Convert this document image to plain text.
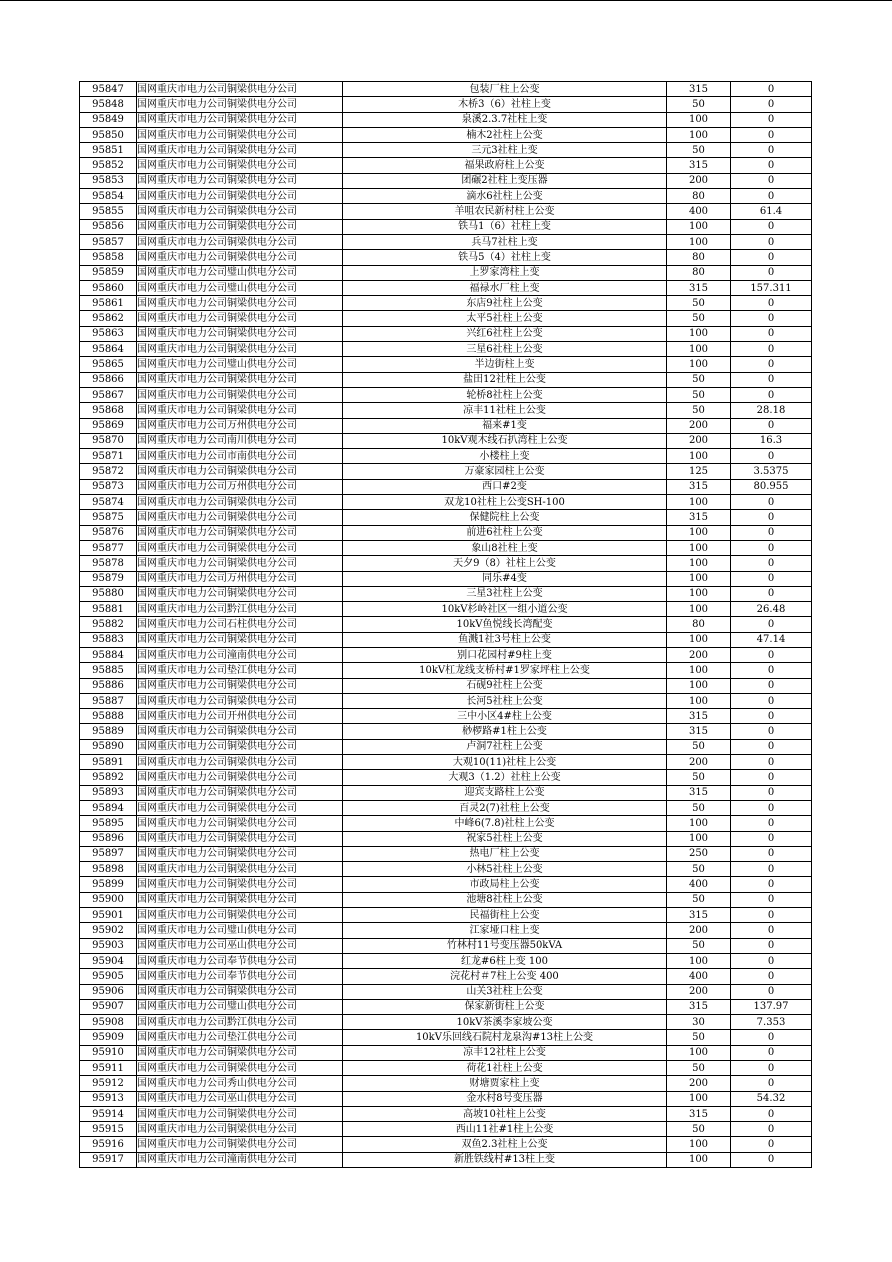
95847	国网重庆市电力公司铜梁供电分公司	包装厂柱上公变	315	0
95848	国网重庆市电力公司铜梁供电分公司	木桥3（6）社柱上变	50	0
95849	国网重庆市电力公司铜梁供电分公司	泉溪2.3.7社柱上变	100	0
95850	国网重庆市电力公司铜梁供电分公司	楠木2社柱上公变	100	0
95851	国网重庆市电力公司铜梁供电分公司	三元3社柱上变	50	0
95852	国网重庆市电力公司铜梁供电分公司	福果政府柱上公变	315	0
95853	国网重庆市电力公司铜梁供电分公司	团碾2社柱上变压器	200	0
95854	国网重庆市电力公司铜梁供电分公司	滴水6社柱上公变	80	0
95855	国网重庆市电力公司铜梁供电分公司	羊咀农民新村柱上公变	400	61.4
95856	国网重庆市电力公司铜梁供电分公司	铁马1（6）社柱上变	100	0
95857	国网重庆市电力公司铜梁供电分公司	兵马7社柱上变	100	0
95858	国网重庆市电力公司铜梁供电分公司	铁马5（4）社柱上变	80	0
95859	国网重庆市电力公司璧山供电分公司	上罗家湾柱上变	80	0
95860	国网重庆市电力公司璧山供电分公司	福禄水厂柱上变	315	157.311
95861	国网重庆市电力公司铜梁供电分公司	东店9社柱上公变	50	0
95862	国网重庆市电力公司铜梁供电分公司	太平5社柱上公变	50	0
95863	国网重庆市电力公司铜梁供电分公司	兴红6社柱上公变	100	0
95864	国网重庆市电力公司铜梁供电分公司	三星6社柱上公变	100	0
95865	国网重庆市电力公司璧山供电分公司	半边街柱上变	100	0
95866	国网重庆市电力公司铜梁供电分公司	盐田12社柱上公变	50	0
95867	国网重庆市电力公司铜梁供电分公司	轮桥8社柱上公变	50	0
95868	国网重庆市电力公司铜梁供电分公司	凉丰11社柱上公变	50	28.18
95869	国网重庆市电力公司万州供电分公司	福来#1变	200	0
95870	国网重庆市电力公司南川供电分公司	10kV观木线石扒湾柱上公变	200	16.3
95871	国网重庆市电力公司市南供电分公司	小楼柱上变	100	0
95872	国网重庆市电力公司铜梁供电分公司	万豪家园柱上公变	125	3.5375
95873	国网重庆市电力公司万州供电分公司	西口#2变	315	80.955
95874	国网重庆市电力公司铜梁供电分公司	双龙10社柱上公变SH-100	100	0
95875	国网重庆市电力公司铜梁供电分公司	保健院柱上公变	315	0
95876	国网重庆市电力公司铜梁供电分公司	前进6社柱上公变	100	0
95877	国网重庆市电力公司铜梁供电分公司	象山8社柱上变	100	0
95878	国网重庆市电力公司铜梁供电分公司	天夕9（8）社柱上公变	100	0
95879	国网重庆市电力公司万州供电分公司	同乐#4变	100	0
95880	国网重庆市电力公司铜梁供电分公司	三星3社柱上公变	100	0
95881	国网重庆市电力公司黔江供电分公司	10kV杉岭社区一组小道公变	100	26.48
95882	国网重庆市电力公司石柱供电分公司	10kV鱼悦线长湾配变	80	0
95883	国网重庆市电力公司铜梁供电分公司	鱼溅1社3号柱上公变	100	47.14
95884	国网重庆市电力公司潼南供电分公司	别口花园村#9柱上变	200	0
95885	国网重庆市电力公司垫江供电分公司	10kV杠龙线支桥村#1罗家坪柱上公变	100	0
95886	国网重庆市电力公司铜梁供电分公司	石砚9社柱上公变	100	0
95887	国网重庆市电力公司铜梁供电分公司	长河5社柱上公变	100	0
95888	国网重庆市电力公司开州供电分公司	三中小区4#柱上公变	315	0
95889	国网重庆市电力公司铜梁供电分公司	桫椤路#1柱上公变	315	0
95890	国网重庆市电力公司铜梁供电分公司	卢洞7社柱上公变	50	0
95891	国网重庆市电力公司铜梁供电分公司	大观10(11)社柱上公变	200	0
95892	国网重庆市电力公司铜梁供电分公司	大观3（1.2）社柱上公变	50	0
95893	国网重庆市电力公司铜梁供电分公司	迎宾支路柱上公变	315	0
95894	国网重庆市电力公司铜梁供电分公司	百灵2(7)社柱上公变	50	0
95895	国网重庆市电力公司铜梁供电分公司	中峰6(7.8)社柱上公变	100	0
95896	国网重庆市电力公司铜梁供电分公司	祝家5社柱上公变	100	0
95897	国网重庆市电力公司铜梁供电分公司	热电厂柱上公变	250	0
95898	国网重庆市电力公司铜梁供电分公司	小林5社柱上公变	50	0
95899	国网重庆市电力公司铜梁供电分公司	市政局柱上公变	400	0
95900	国网重庆市电力公司铜梁供电分公司	池塘8社柱上公变	50	0
95901	国网重庆市电力公司铜梁供电分公司	民福街柱上公变	315	0
95902	国网重庆市电力公司璧山供电分公司	江家垭口柱上变	200	0
95903	国网重庆市电力公司巫山供电分公司	竹林村11号变压器50kVA	50	0
95904	国网重庆市电力公司奉节供电分公司	红龙#6柱上变 100	100	0
95905	国网重庆市电力公司奉节供电分公司	浣花村＃7柱上公变 400	400	0
95906	国网重庆市电力公司铜梁供电分公司	山关3社柱上公变	200	0
95907	国网重庆市电力公司璧山供电分公司	保家新街柱上公变	315	137.97
95908	国网重庆市电力公司黔江供电分公司	10kV茶溪李家坡公变	30	7.353
95909	国网重庆市电力公司垫江供电分公司	10kV乐回线石院村龙泉沟#13柱上公变	50	0
95910	国网重庆市电力公司铜梁供电分公司	凉丰12社柱上公变	100	0
95911	国网重庆市电力公司铜梁供电分公司	荷花1社柱上公变	50	0
95912	国网重庆市电力公司秀山供电分公司	财塘贾家柱上变	200	0
95913	国网重庆市电力公司巫山供电分公司	金水村8号变压器	100	54.32
95914	国网重庆市电力公司铜梁供电分公司	高坡10社柱上公变	315	0
95915	国网重庆市电力公司铜梁供电分公司	西山11社#1柱上公变	50	0
95916	国网重庆市电力公司铜梁供电分公司	双鱼2.3社柱上公变	100	0
95917	国网重庆市电力公司潼南供电分公司	新胜铁线村#13柱上变	100	0
